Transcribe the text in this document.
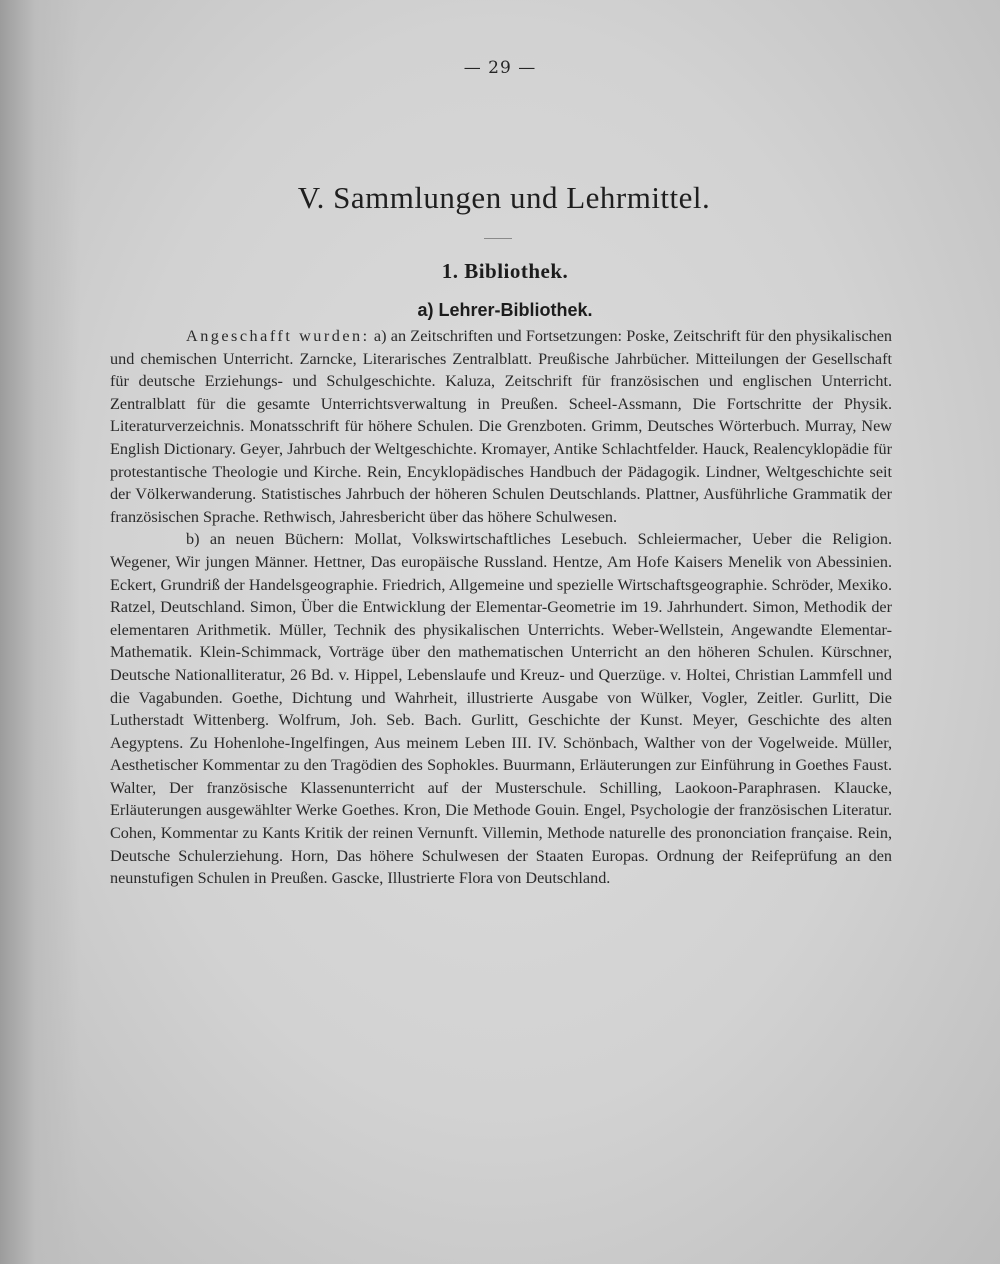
— 29 —
V. Sammlungen und Lehrmittel.
1. Bibliothek.
a) Lehrer-Bibliothek.

Angeschafft wurden: a) an Zeitschriften und Fortsetzungen: Poske, Zeitschrift für den physikalischen und chemischen Unterricht. Zarncke, Literarisches Zentralblatt. Preußische Jahrbücher. Mitteilungen der Gesellschaft für deutsche Erziehungs- und Schulgeschichte. Kaluza, Zeitschrift für französischen und englischen Unterricht. Zentralblatt für die gesamte Unterrichtsverwaltung in Preußen. Scheel-Assmann, Die Fortschritte der Physik. Literaturverzeichnis. Monatsschrift für höhere Schulen. Die Grenzboten. Grimm, Deutsches Wörterbuch. Murray, New English Dictionary. Geyer, Jahrbuch der Weltgeschichte. Kromayer, Antike Schlachtfelder. Hauck, Realencyklopädie für protestantische Theologie und Kirche. Rein, Encyklopädisches Handbuch der Pädagogik. Lindner, Weltgeschichte seit der Völkerwanderung. Statistisches Jahrbuch der höheren Schulen Deutschlands. Plattner, Ausführliche Grammatik der französischen Sprache. Rethwisch, Jahresbericht über das höhere Schulwesen.

b) an neuen Büchern: Mollat, Volkswirtschaftliches Lesebuch. Schleiermacher, Ueber die Religion. Wegener, Wir jungen Männer. Hettner, Das europäische Russland. Hentze, Am Hofe Kaisers Menelik von Abessinien. Eckert, Grundriß der Handelsgeographie. Friedrich, Allgemeine und spezielle Wirtschaftsgeographie. Schröder, Mexiko. Ratzel, Deutschland. Simon, Über die Entwicklung der Elementar-Geometrie im 19. Jahrhundert. Simon, Methodik der elementaren Arithmetik. Müller, Technik des physikalischen Unterrichts. Weber-Wellstein, Angewandte Elementar-Mathematik. Klein-Schimmack, Vorträge über den mathematischen Unterricht an den höheren Schulen. Kürschner, Deutsche Nationalliteratur, 26 Bd. v. Hippel, Lebenslaufe und Kreuz- und Querzüge. v. Holtei, Christian Lammfell und die Vagabunden. Goethe, Dichtung und Wahrheit, illustrierte Ausgabe von Wülker, Vogler, Zeitler. Gurlitt, Die Lutherstadt Wittenberg. Wolfrum, Joh. Seb. Bach. Gurlitt, Geschichte der Kunst. Meyer, Geschichte des alten Aegyptens. Zu Hohenlohe-Ingelfingen, Aus meinem Leben III. IV. Schönbach, Walther von der Vogelweide. Müller, Aesthetischer Kommentar zu den Tragödien des Sophokles. Buurmann, Erläuterungen zur Einführung in Goethes Faust. Walter, Der französische Klassenunterricht auf der Musterschule. Schilling, Laokoon-Paraphrasen. Klaucke, Erläuterungen ausgewählter Werke Goethes. Kron, Die Methode Gouin. Engel, Psychologie der französischen Literatur. Cohen, Kommentar zu Kants Kritik der reinen Vernunft. Villemin, Methode naturelle des prononciation française. Rein, Deutsche Schulerziehung. Horn, Das höhere Schulwesen der Staaten Europas. Ordnung der Reifeprüfung an den neunstufigen Schulen in Preußen. Gascke, Illustrierte Flora von Deutschland.
